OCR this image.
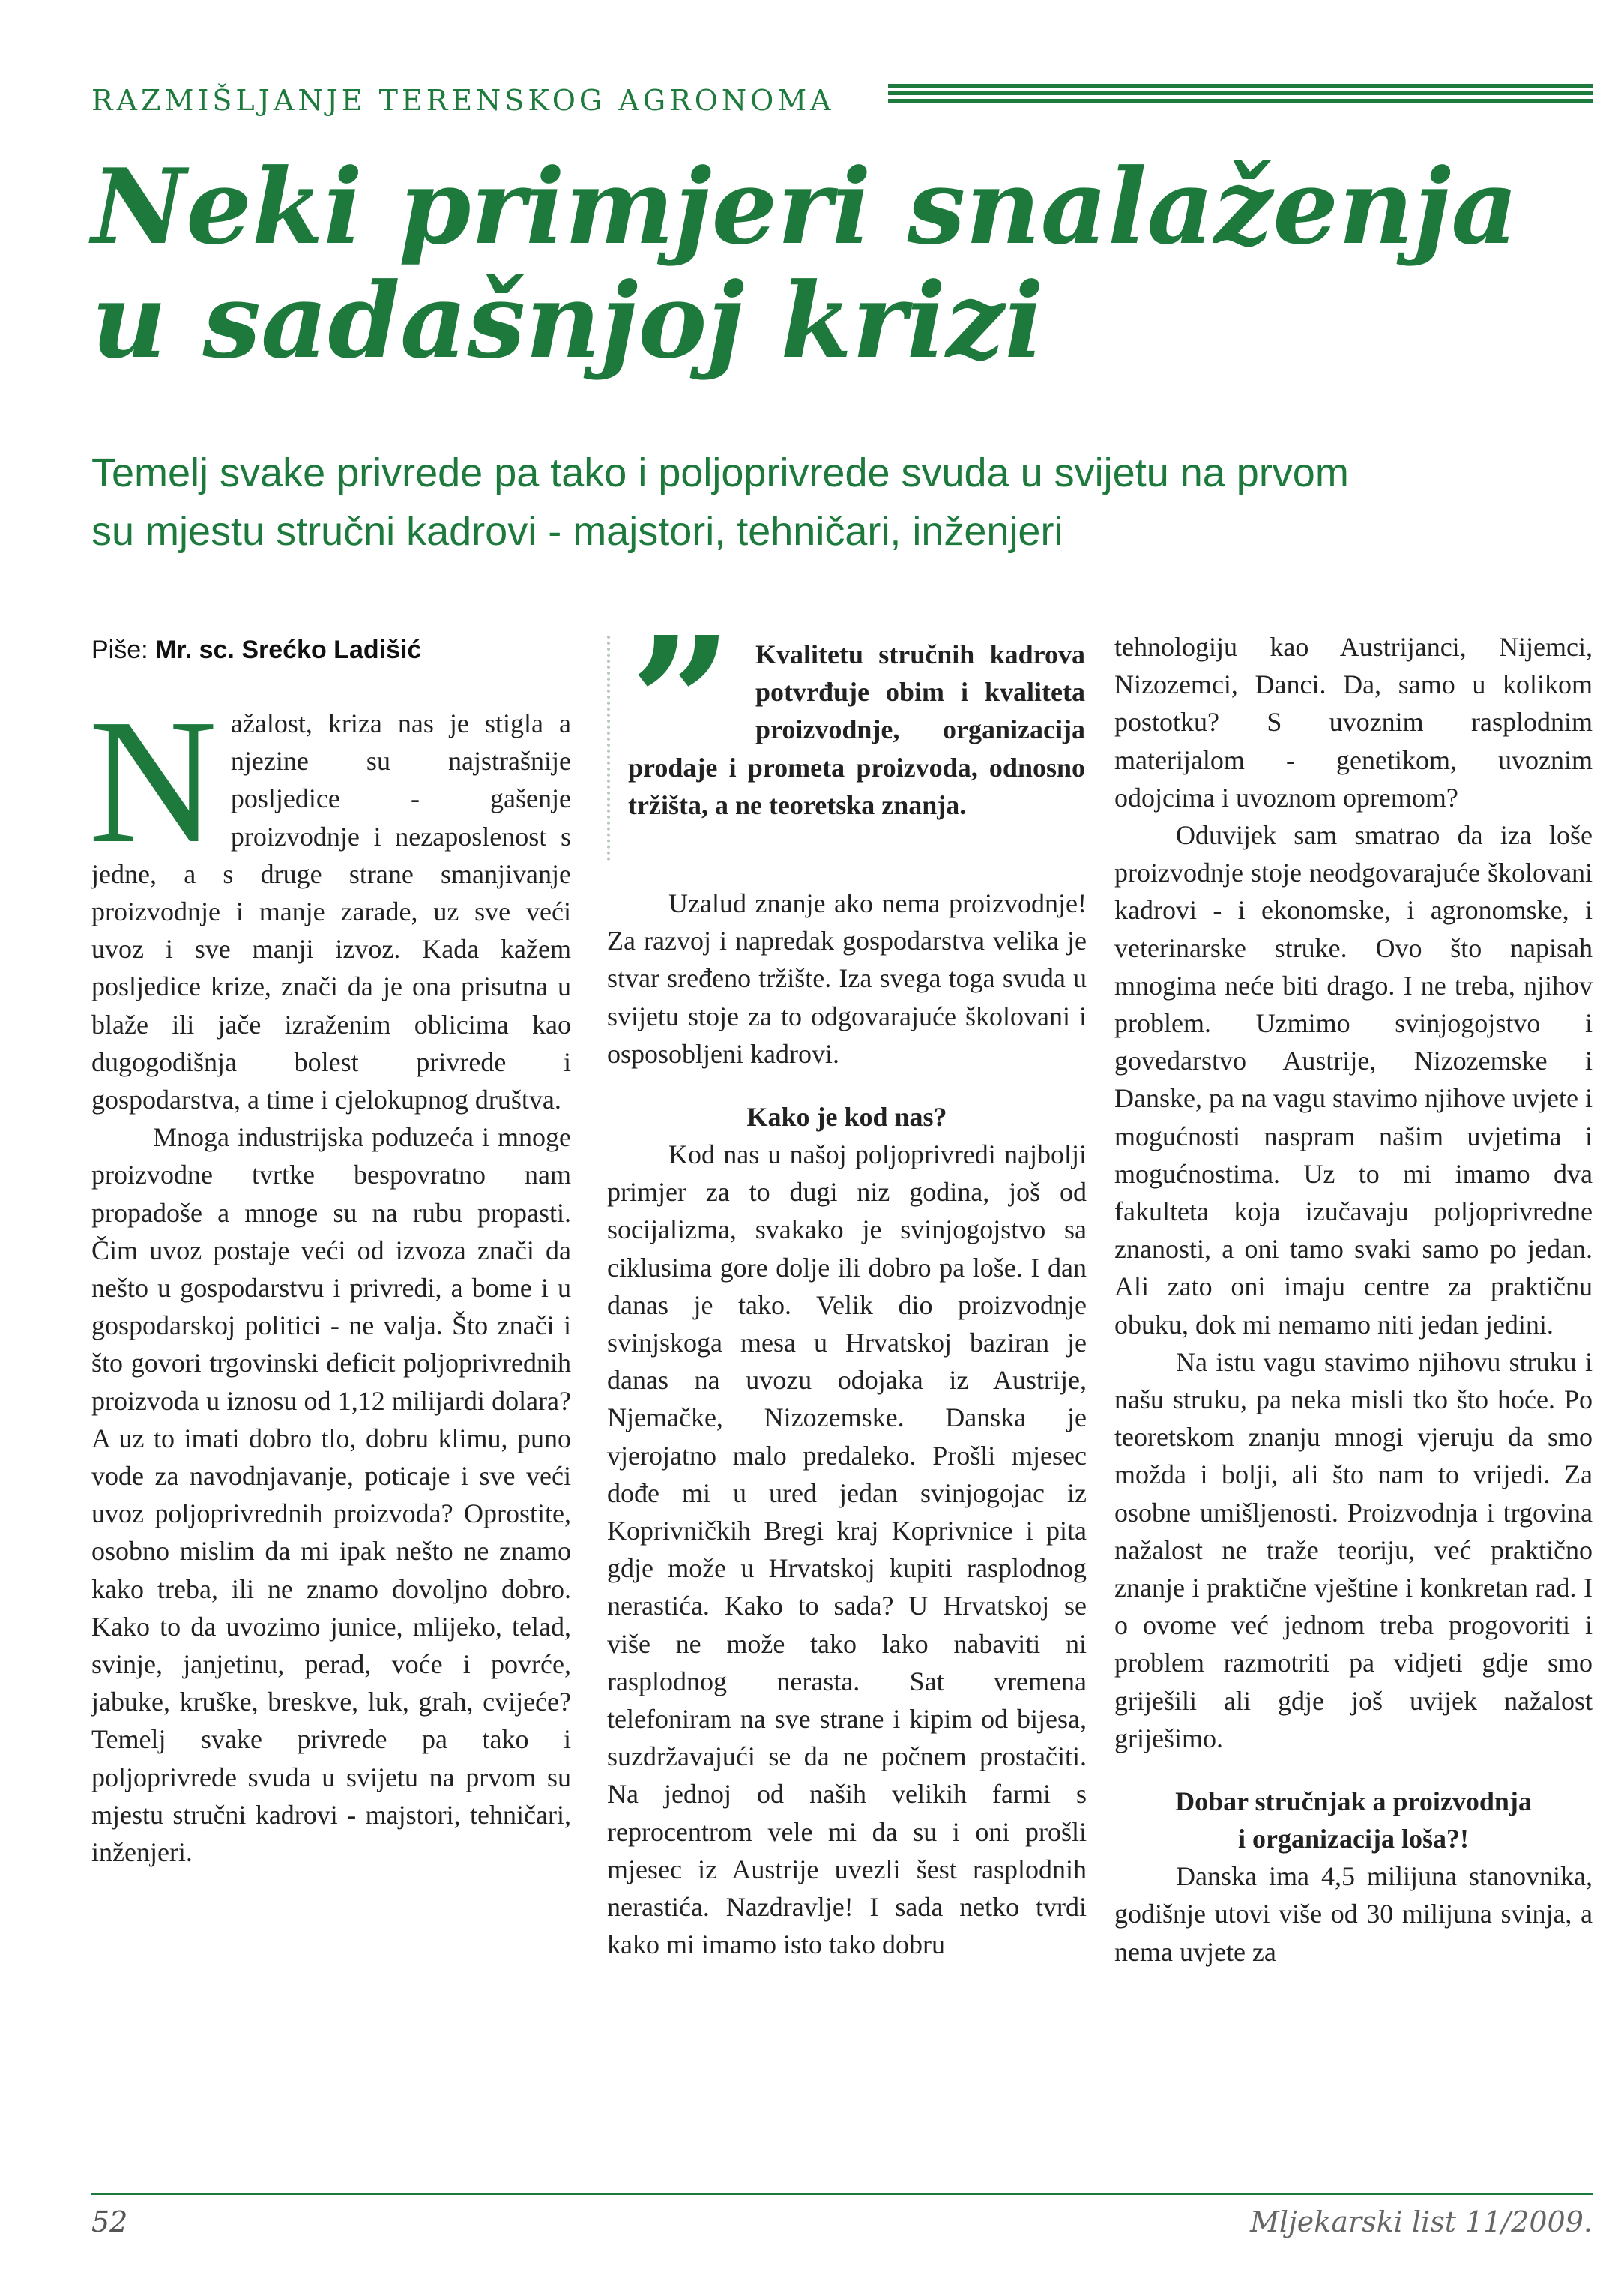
RAZMIŠLJANJE TERENSKOG AGRONOMA
Neki primjeri snalaženja
u sadašnjoj krizi
Temelj svake privrede pa tako i poljoprivrede svuda u svijetu na prvom
su mjestu stručni kadrovi - majstori, tehničari, inženjeri
Piše: Mr. sc. Srećko Ladišić
N ažalost, kriza nas je stigla a njezine su najstrašnije posljedice - gašenje proizvodnje i nezaposlenost s jedne, a s druge strane smanjivanje proizvodnje i manje zarade, uz sve veći uvoz i sve manji izvoz. Kada kažem posljedice krize, znači da je ona prisutna u blaže ili jače izraženim oblicima kao dugogodišnja bolest privrede i gospodarstva, a time i cjelokupnog društva.

Mnoga industrijska poduzeća i mnoge proizvodne tvrtke bespovratno nam propadoše a mnoge su na rubu propasti. Čim uvoz postaje veći od izvoza znači da nešto u gospodarstvu i privredi, a bome i u gospodarskoj politici - ne valja. Što znači i što govori trgovinski deficit poljoprivrednih proizvoda u iznosu od 1,12 milijardi dolara? A uz to imati dobro tlo, dobru klimu, puno vode za navodnjavanje, poticaje i sve veći uvoz poljoprivrednih proizvoda? Oprostite, osobno mislim da mi ipak nešto ne znamo kako treba, ili ne znamo dovoljno dobro. Kako to da uvozimo junice, mlijeko, telad, svinje, janjetinu, perad, voće i povrće, jabuke, kruške, breskve, luk, grah, cvijeće? Temelj svake privrede pa tako i poljoprivrede svuda u svijetu na prvom su mjestu stručni kadrovi - majstori, tehničari, inženjeri.

” Kvalitetu stručnih kadrova potvrđuje obim i kvaliteta proizvodnje, organizacija prodaje i prometa proizvoda, odnosno tržišta, a ne teoretska znanja.

Uzalud znanje ako nema proizvodnje! Za razvoj i napredak gospodarstva velika je stvar sređeno tržište. Iza svega toga svuda u svijetu stoje za to odgovarajuće školovani i osposobljeni kadrovi.

Kako je kod nas?

Kod nas u našoj poljoprivredi najbolji primjer za to dugi niz godina, još od socijalizma, svakako je svinjogojstvo sa ciklusima gore dolje ili dobro pa loše. I dan danas je tako. Velik dio proizvodnje svinjskoga mesa u Hrvatskoj baziran je danas na uvozu odojaka iz Austrije, Njemačke, Nizozemske. Danska je vjerojatno malo predaleko. Prošli mjesec dođe mi u ured jedan svinjogojac iz Koprivničkih Bregi kraj Koprivnice i pita gdje može u Hrvatskoj kupiti rasplodnog nerastića. Kako to sada? U Hrvatskoj se više ne može tako lako nabaviti ni rasplodnog nerasta. Sat vremena telefoniram na sve strane i kipim od bijesa, suzdržavajući se da ne počnem prostačiti. Na jednoj od naših velikih farmi s reprocentrom vele mi da su i oni prošli mjesec iz Austrije uvezli šest rasplodnih nerastića. Nazdravlje! I sada netko tvrdi kako mi imamo isto tako dobru

tehnologiju kao Austrijanci, Nijemci, Nizozemci, Danci. Da, samo u kolikom postotku? S uvoznim rasplodnim materijalom - genetikom, uvoznim odojcima i uvoznom opremom?

Oduvijek sam smatrao da iza loše proizvodnje stoje neodgovarajuće školovani kadrovi - i ekonomske, i agronomske, i veterinarske struke. Ovo što napisah mnogima neće biti drago. I ne treba, njihov problem. Uzmimo svinjogojstvo i govedarstvo Austrije, Nizozemske i Danske, pa na vagu stavimo njihove uvjete i mogućnosti naspram našim uvjetima i mogućnostima. Uz to mi imamo dva fakulteta koja izučavaju poljoprivredne znanosti, a oni tamo svaki samo po jedan. Ali zato oni imaju centre za praktičnu obuku, dok mi nemamo niti jedan jedini.

Na istu vagu stavimo njihovu struku i našu struku, pa neka misli tko što hoće. Po teoretskom znanju mnogi vjeruju da smo možda i bolji, ali što nam to vrijedi. Za osobne umišljenosti. Proizvodnja i trgovina nažalost ne traže teoriju, već praktično znanje i praktične vještine i konkretan rad. I o ovome već jednom treba progovoriti i problem razmotriti pa vidjeti gdje smo griješili ali gdje još uvijek nažalost griješimo.

Dobar stručnjak a proizvodnja
i organizacija loša?!

Danska ima 4,5 milijuna stanovnika, godišnje utovi više od 30 milijuna svinja, a nema uvjete za

52	Mljekarski list 11/2009.
